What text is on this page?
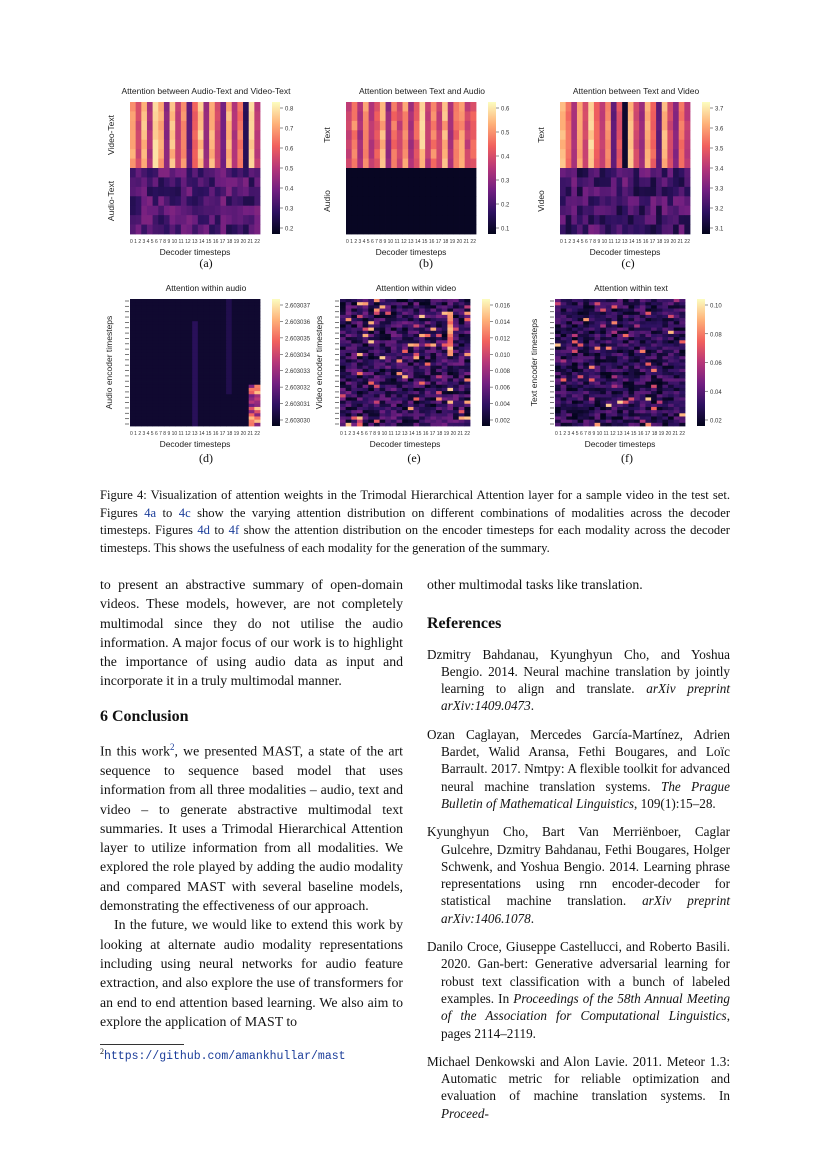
Attention between Audio-Text and Video-Text
0.8
0.7
0.6
0.5
0.4
0.3
0.2
0 1 2 3 4 5 6 7 8 9 10 11 12 13 14 15 16 17 18 19 20 21 22
Decoder timesteps
Video-Text
Audio-Text
(a)
Attention between Text and Audio
0.6
0.5
0.4
0.3
0.2
0.1
0 1 2 3 4 5 6 7 8 9 10 11 12 13 14 15 16 17 18 19 20 21 22
Decoder timesteps
Text
Audio
(b)
Attention between Text and Video
3.7
3.6
3.5
3.4
3.3
3.2
3.1
0 1 2 3 4 5 6 7 8 9 10 11 12 13 14 15 16 17 18 19 20 21 22
Decoder timesteps
Text
Video
(c)
Attention within audio
2.603037
2.603036
2.603035
2.603034
2.603033
2.603032
2.603031
2.603030
0 1 2 3 4 5 6 7 8 9 10 11 12 13 14 15 16 17 18 19 20 21 22
Decoder timesteps
Audio encoder timesteps
(d)
Attention within video
0.016
0.014
0.012
0.010
0.008
0.006
0.004
0.002
0 1 2 3 4 5 6 7 8 9 10 11 12 13 14 15 16 17 18 19 20 21 22
Decoder timesteps
Video encoder timesteps
(e)
Attention within text
0.10
0.08
0.06
0.04
0.02
0 1 2 3 4 5 6 7 8 9 10 11 12 13 14 15 16 17 18 19 20 21 22
Decoder timesteps
Text encoder timesteps
(f)
Figure 4: Visualization of attention weights in the Trimodal Hierarchical Attention layer for a sample video in the test set. Figures 4a to 4c show the varying attention distribution on different combinations of modalities across the decoder timesteps. Figures 4d to 4f show the attention distribution on the encoder timesteps for each modality across the decoder timesteps. This shows the usefulness of each modality for the generation of the summary.

to present an abstractive summary of open-domain videos. These models, however, are not completely multimodal since they do not utilise the audio information. A major focus of our work is to highlight the importance of using audio data as input and incorporate it in a truly multimodal manner.

6 Conclusion

In this work$^2$, we presented MAST, a state of the art sequence to sequence based model that uses information from all three modalities – audio, text and video – to generate abstractive multimodal text summaries. It uses a Trimodal Hierarchical Attention layer to utilize information from all modalities. We explored the role played by adding the audio modality and compared MAST with several baseline models, demonstrating the effectiveness of our approach.

In the future, we would like to extend this work by looking at alternate audio modality representations including using neural networks for audio feature extraction, and also explore the use of transformers for an end to end attention based learning. We also aim to explore the application of MAST to

$^2$https://github.com/amankhullar/mast

other multimodal tasks like translation.

References
Dzmitry Bahdanau, Kyunghyun Cho, and Yoshua Bengio. 2014. Neural machine translation by jointly learning to align and translate. arXiv preprint arXiv:1409.0473.
Ozan Caglayan, Mercedes García-Martínez, Adrien Bardet, Walid Aransa, Fethi Bougares, and Loïc Barrault. 2017. Nmtpy: A flexible toolkit for advanced neural machine translation systems. The Prague Bulletin of Mathematical Linguistics, 109(1):15–28.
Kyunghyun Cho, Bart Van Merriënboer, Caglar Gulcehre, Dzmitry Bahdanau, Fethi Bougares, Holger Schwenk, and Yoshua Bengio. 2014. Learning phrase representations using rnn encoder-decoder for statistical machine translation. arXiv preprint arXiv:1406.1078.
Danilo Croce, Giuseppe Castellucci, and Roberto Basili. 2020. Gan-bert: Generative adversarial learning for robust text classification with a bunch of labeled examples. In Proceedings of the 58th Annual Meeting of the Association for Computational Linguistics, pages 2114–2119.
Michael Denkowski and Alon Lavie. 2011. Meteor 1.3: Automatic metric for reliable optimization and evaluation of machine translation systems. In Proceed-
